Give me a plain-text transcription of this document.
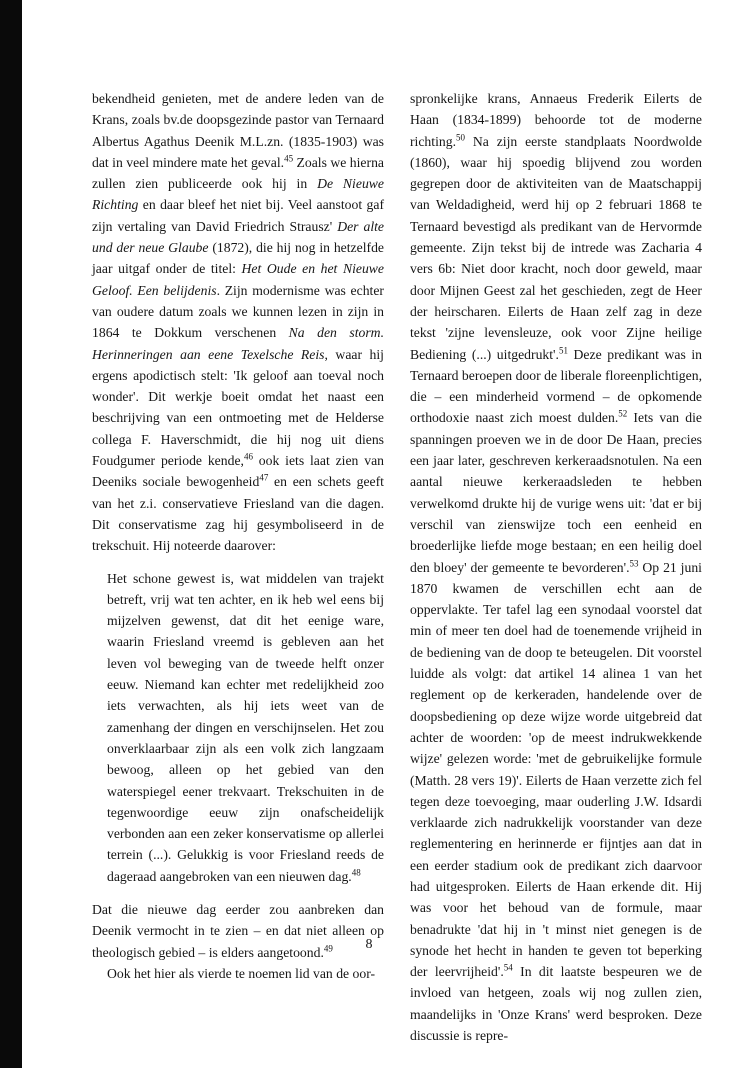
bekendheid genieten, met de andere leden van de Krans, zoals bv.de doopsgezinde pastor van Ternaard Albertus Agathus Deenik M.L.zn. (1835-1903) was dat in veel mindere mate het geval.$^{45}$ Zoals we hierna zullen zien publiceerde ook hij in De Nieuwe Richting en daar bleef het niet bij. Veel aanstoot gaf zijn vertaling van David Friedrich Strausz' Der alte und der neue Glaube (1872), die hij nog in hetzelfde jaar uitgaf onder de titel: Het Oude en het Nieuwe Geloof. Een belijdenis. Zijn modernisme was echter van oudere datum zoals we kunnen lezen in zijn in 1864 te Dokkum verschenen Na den storm. Herinneringen aan eene Texelsche Reis, waar hij ergens apodictisch stelt: 'Ik geloof aan toeval noch wonder'. Dit werkje boeit omdat het naast een beschrijving van een ontmoeting met de Helderse collega F. Haverschmidt, die hij nog uit diens Foudgumer periode kende,$^{46}$ ook iets laat zien van Deeniks sociale bewogenheid$^{47}$ en een schets geeft van het z.i. conservatieve Friesland van die dagen. Dit conservatisme zag hij gesymboliseerd in de trekschuit. Hij noteerde daarover:

Het schone gewest is, wat middelen van trajekt betreft, vrij wat ten achter, en ik heb wel eens bij mijzelven gewenst, dat dit het eenige ware, waarin Friesland vreemd is gebleven aan het leven vol beweging van de tweede helft onzer eeuw. Niemand kan echter met redelijkheid zoo iets verwachten, als hij iets weet van de zamenhang der dingen en verschijnselen. Het zou onverklaarbaar zijn als een volk zich langzaam bewoog, alleen op het gebied van den waterspiegel eener trekvaart. Trekschuiten in de tegenwoordige eeuw zijn onafscheidelijk verbonden aan een zeker konservatisme op allerlei terrein (...). Gelukkig is voor Friesland reeds de dageraad aangebroken van een nieuwen dag.$^{48}$

Dat die nieuwe dag eerder zou aanbreken dan Deenik vermocht in te zien – en dat niet alleen op theologisch gebied – is elders aangetoond.$^{49}$

Ook het hier als vierde te noemen lid van de oor-

spronkelijke krans, Annaeus Frederik Eilerts de Haan (1834-1899) behoorde tot de moderne richting.$^{50}$ Na zijn eerste standplaats Noordwolde (1860), waar hij spoedig blijvend zou worden gegrepen door de aktiviteiten van de Maatschappij van Weldadigheid, werd hij op 2 februari 1868 te Ternaard bevestigd als predikant van de Hervormde gemeente. Zijn tekst bij de intrede was Zacharia 4 vers 6b: Niet door kracht, noch door geweld, maar door Mijnen Geest zal het geschieden, zegt de Heer der heirscharen. Eilerts de Haan zelf zag in deze tekst 'zijne levensleuze, ook voor Zijne heilige Bediening (...) uitgedrukt'.$^{51}$ Deze predikant was in Ternaard beroepen door de liberale floreenplichtigen, die – een minderheid vormend – de opkomende orthodoxie naast zich moest dulden.$^{52}$ Iets van die spanningen proeven we in de door De Haan, precies een jaar later, geschreven kerkeraadsnotulen. Na een aantal nieuwe kerkeraadsleden te hebben verwelkomd drukte hij de vurige wens uit: 'dat er bij verschil van zienswijze toch een eenheid en broederlijke liefde moge bestaan; en een heilig doel den bloey' der gemeente te bevorderen'.$^{53}$ Op 21 juni 1870 kwamen de verschillen echt aan de oppervlakte. Ter tafel lag een synodaal voorstel dat min of meer ten doel had de toenemende vrijheid in de bediening van de doop te beteugelen. Dit voorstel luidde als volgt: dat artikel 14 alinea 1 van het reglement op de kerkeraden, handelende over de doopsbediening op deze wijze worde uitgebreid dat achter de woorden: 'op de meest indrukwekkende wijze' gelezen worde: 'met de gebruikelijke formule (Matth. 28 vers 19)'. Eilerts de Haan verzette zich fel tegen deze toevoeging, maar ouderling J.W. Idsardi verklaarde zich nadrukkelijk voorstander van deze reglementering en herinnerde er fijntjes aan dat in een eerder stadium ook de predikant zich daarvoor had uitgesproken. Eilerts de Haan erkende dit. Hij was voor het behoud van de formule, maar benadrukte 'dat hij in 't minst niet genegen is de synode het hecht in handen te geven tot beperking der leervrijheid'.$^{54}$ In dit laatste bespeuren we de invloed van hetgeen, zoals wij nog zullen zien, maandelijks in 'Onze Krans' werd besproken. Deze discussie is repre-

8
